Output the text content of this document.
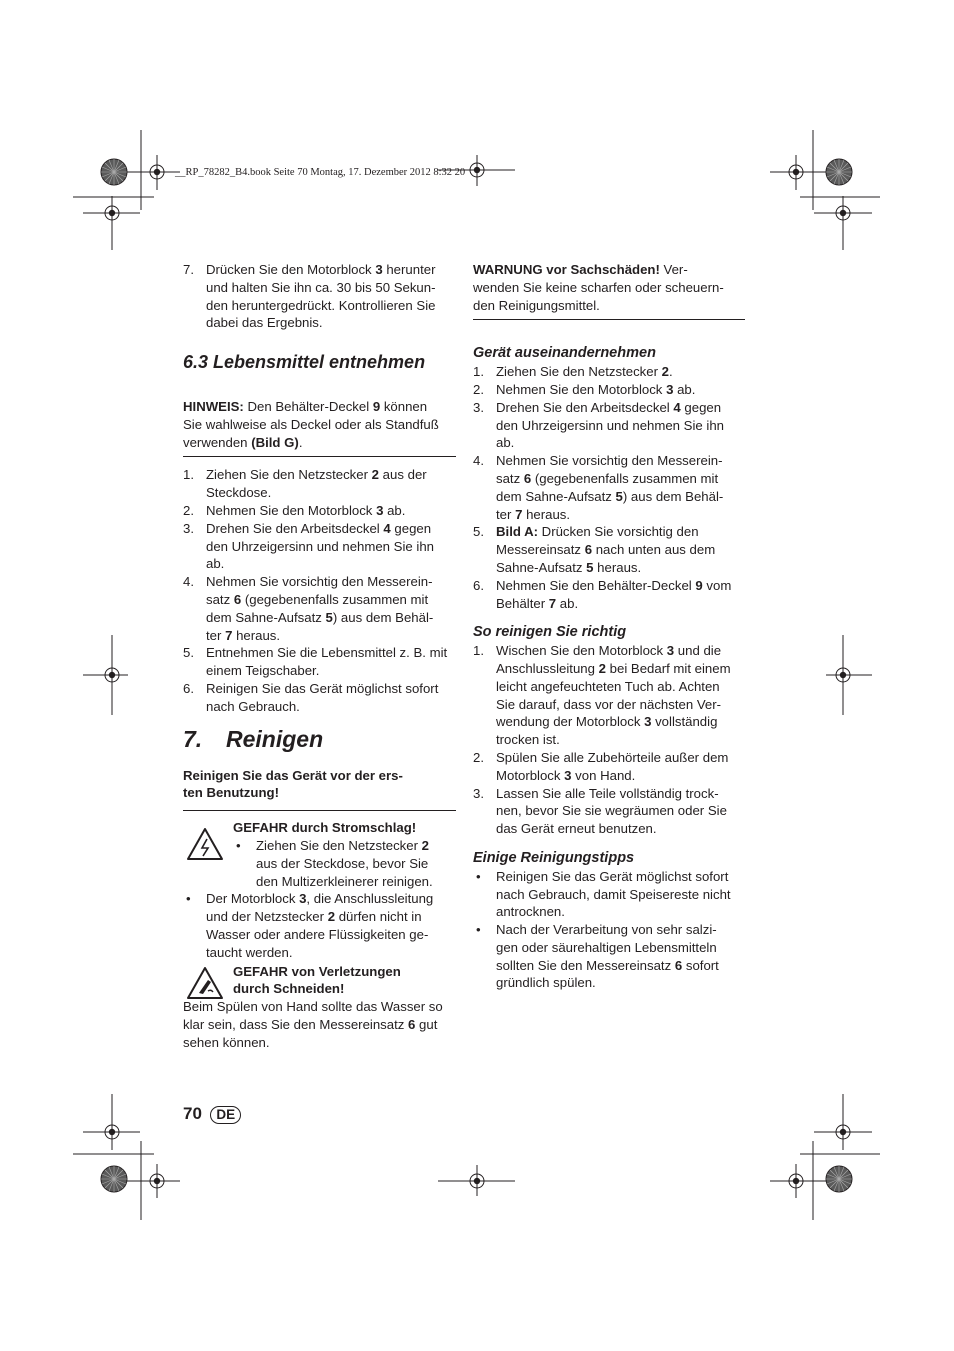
__RP_78282_B4.book Seite 70 Montag, 17. Dezember 2012 8:32 20
7. Drücken Sie den Motorblock 3 herunter

und halten Sie ihn ca. 30 bis 50 Sekun-

den heruntergedrückt. Kontrollieren Sie

dabei das Ergebnis.

6.3 Lebensmittel entnehmen

HINWEIS: Den Behälter-Deckel 9 können

Sie wahlweise als Deckel oder als Standfuß

verwenden (Bild G).

1. Ziehen Sie den Netzstecker 2 aus der

Steckdose.

2. Nehmen Sie den Motorblock 3 ab.

3. Drehen Sie den Arbeitsdeckel 4 gegen

den Uhrzeigersinn und nehmen Sie ihn

ab.

4. Nehmen Sie vorsichtig den Messerein-

satz 6 (gegebenenfalls zusammen mit

dem Sahne-Aufsatz 5) aus dem Behäl-

ter 7 heraus.

5. Entnehmen Sie die Lebensmittel z. B. mit

einem Teigschaber.

6. Reinigen Sie das Gerät möglichst sofort

nach Gebrauch.

7. Reinigen

Reinigen Sie das Gerät vor der ers-

ten Benutzung!

GEFAHR durch Stromschlag!

• Ziehen Sie den Netzstecker 2

aus der Steckdose, bevor Sie

den Multizerkleinerer reinigen.

• Der Motorblock 3, die Anschlussleitung

und der Netzstecker 2 dürfen nicht in

Wasser oder andere Flüssigkeiten ge-

taucht werden.

GEFAHR von Verletzungen

durch Schneiden!

Beim Spülen von Hand sollte das Wasser so

klar sein, dass Sie den Messereinsatz 6 gut

sehen können.

WARNUNG vor Sachschäden! Ver-

wenden Sie keine scharfen oder scheuern-

den Reinigungsmittel.

Gerät auseinandernehmen
1. Ziehen Sie den Netzstecker 2.

2. Nehmen Sie den Motorblock 3 ab.

3. Drehen Sie den Arbeitsdeckel 4 gegen

den Uhrzeigersinn und nehmen Sie ihn

ab.

4. Nehmen Sie vorsichtig den Messerein-

satz 6 (gegebenenfalls zusammen mit

dem Sahne-Aufsatz 5) aus dem Behäl-

ter 7 heraus.

5. Bild A: Drücken Sie vorsichtig den

Messereinsatz 6 nach unten aus dem

Sahne-Aufsatz 5 heraus.

6. Nehmen Sie den Behälter-Deckel 9 vom

Behälter 7 ab.

So reinigen Sie richtig
1. Wischen Sie den Motorblock 3 und die

Anschlussleitung 2 bei Bedarf mit einem

leicht angefeuchteten Tuch ab. Achten

Sie darauf, dass vor der nächsten Ver-

wendung der Motorblock 3 vollständig

trocken ist.

2. Spülen Sie alle Zubehörteile außer dem

Motorblock 3 von Hand.

3. Lassen Sie alle Teile vollständig trock-

nen, bevor Sie sie wegräumen oder Sie

das Gerät erneut benutzen.

Einige Reinigungstipps
• Reinigen Sie das Gerät möglichst sofort

nach Gebrauch, damit Speisereste nicht

antrocknen.

• Nach der Verarbeitung von sehr salzi-

gen oder säurehaltigen Lebensmitteln

sollten Sie den Messereinsatz 6 sofort

gründlich spülen.

70 DE
